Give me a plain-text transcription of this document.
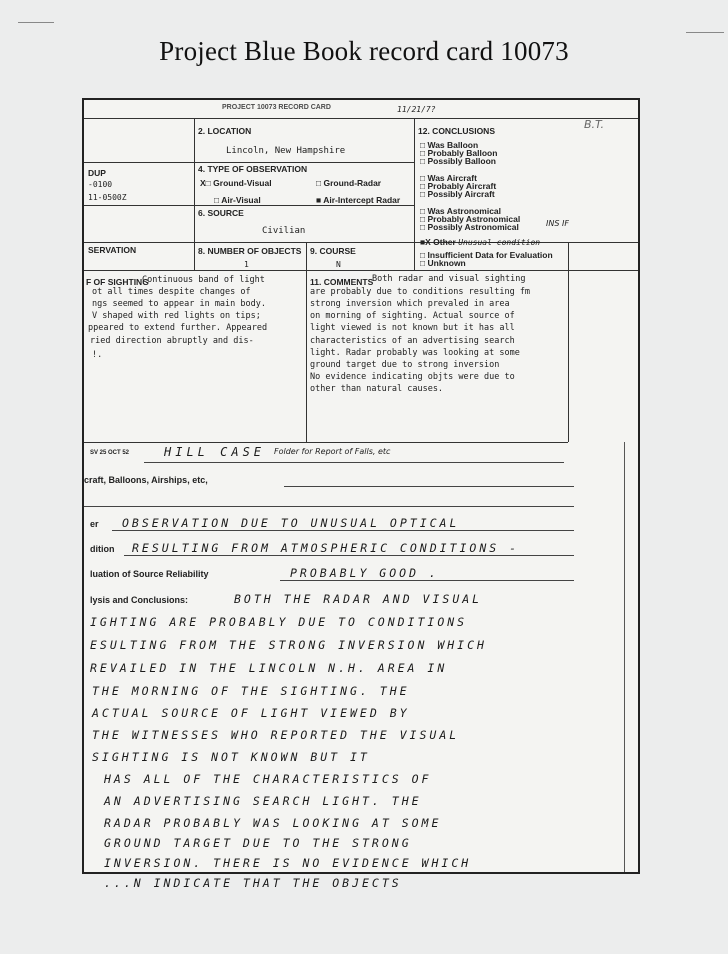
Project Blue Book record card 10073
PROJECT 10073 RECORD CARD	11/21/7?
DUP
-0100
11-0500Z
SERVATION
2. LOCATION
Lincoln, New Hampshire
4. TYPE OF OBSERVATION
X□ Ground-Visual	□ Ground-Radar
□ Air-Visual	■ Air-Intercept Radar
6. SOURCE
Civilian
8. NUMBER OF OBJECTS
1
9. COURSE
N
12. CONCLUSIONS	B.T.
□ Was Balloon
□ Probably Balloon
□ Possibly Balloon
□ Was Aircraft
□ Probably Aircraft
□ Possibly Aircraft
□ Was Astronomical
□ Probably Astronomical
□ Possibly Astronomical	INS IF
■X Other Unusual condition
□ Insufficient Data for Evaluation
□ Unknown
F OF SIGHTING
Continuous band of light
ot all times despite changes of
ngs seemed to appear in main body.
V shaped with red lights on tips;
ppeared to extend further. Appeared
ried direction abruptly and dis-
!.
11. COMMENTS
Both radar and visual sighting
are probably due to conditions resulting fm
strong inversion which prevaled in area
on morning of sighting. Actual source of
light viewed is not known but it has all
characteristics of an advertising search
light. Radar probably was looking at some
ground target due to strong inversion
No evidence indicating objts were due to
other than natural causes.
SV 25 OCT 52	HILL CASE Folder for Report of Falls, etc
craft, Balloons, Airships, etc,
er OBSERVATION DUE TO UNUSUAL OPTICAL
dition RESULTING FROM ATMOSPHERIC CONDITIONS -
luation of Source Reliability	PROBABLY GOOD .
lysis and Conclusions:	BOTH THE RADAR AND VISUAL
IGHTING ARE PROBABLY DUE TO CONDITIONS
ESULTING FROM THE STRONG INVERSION WHICH
REVAILED IN THE LINCOLN N.H. AREA IN
THE MORNING OF THE SIGHTING. THE
ACTUAL SOURCE OF LIGHT VIEWED BY
THE WITNESSES WHO REPORTED THE VISUAL
SIGHTING IS NOT KNOWN BUT IT
HAS ALL OF THE CHARACTERISTICS OF
AN ADVERTISING SEARCH LIGHT. THE
RADAR PROBABLY WAS LOOKING AT SOME
GROUND TARGET DUE TO THE STRONG
INVERSION. THERE IS NO EVIDENCE WHICH
...N INDICATE THAT THE OBJECTS
